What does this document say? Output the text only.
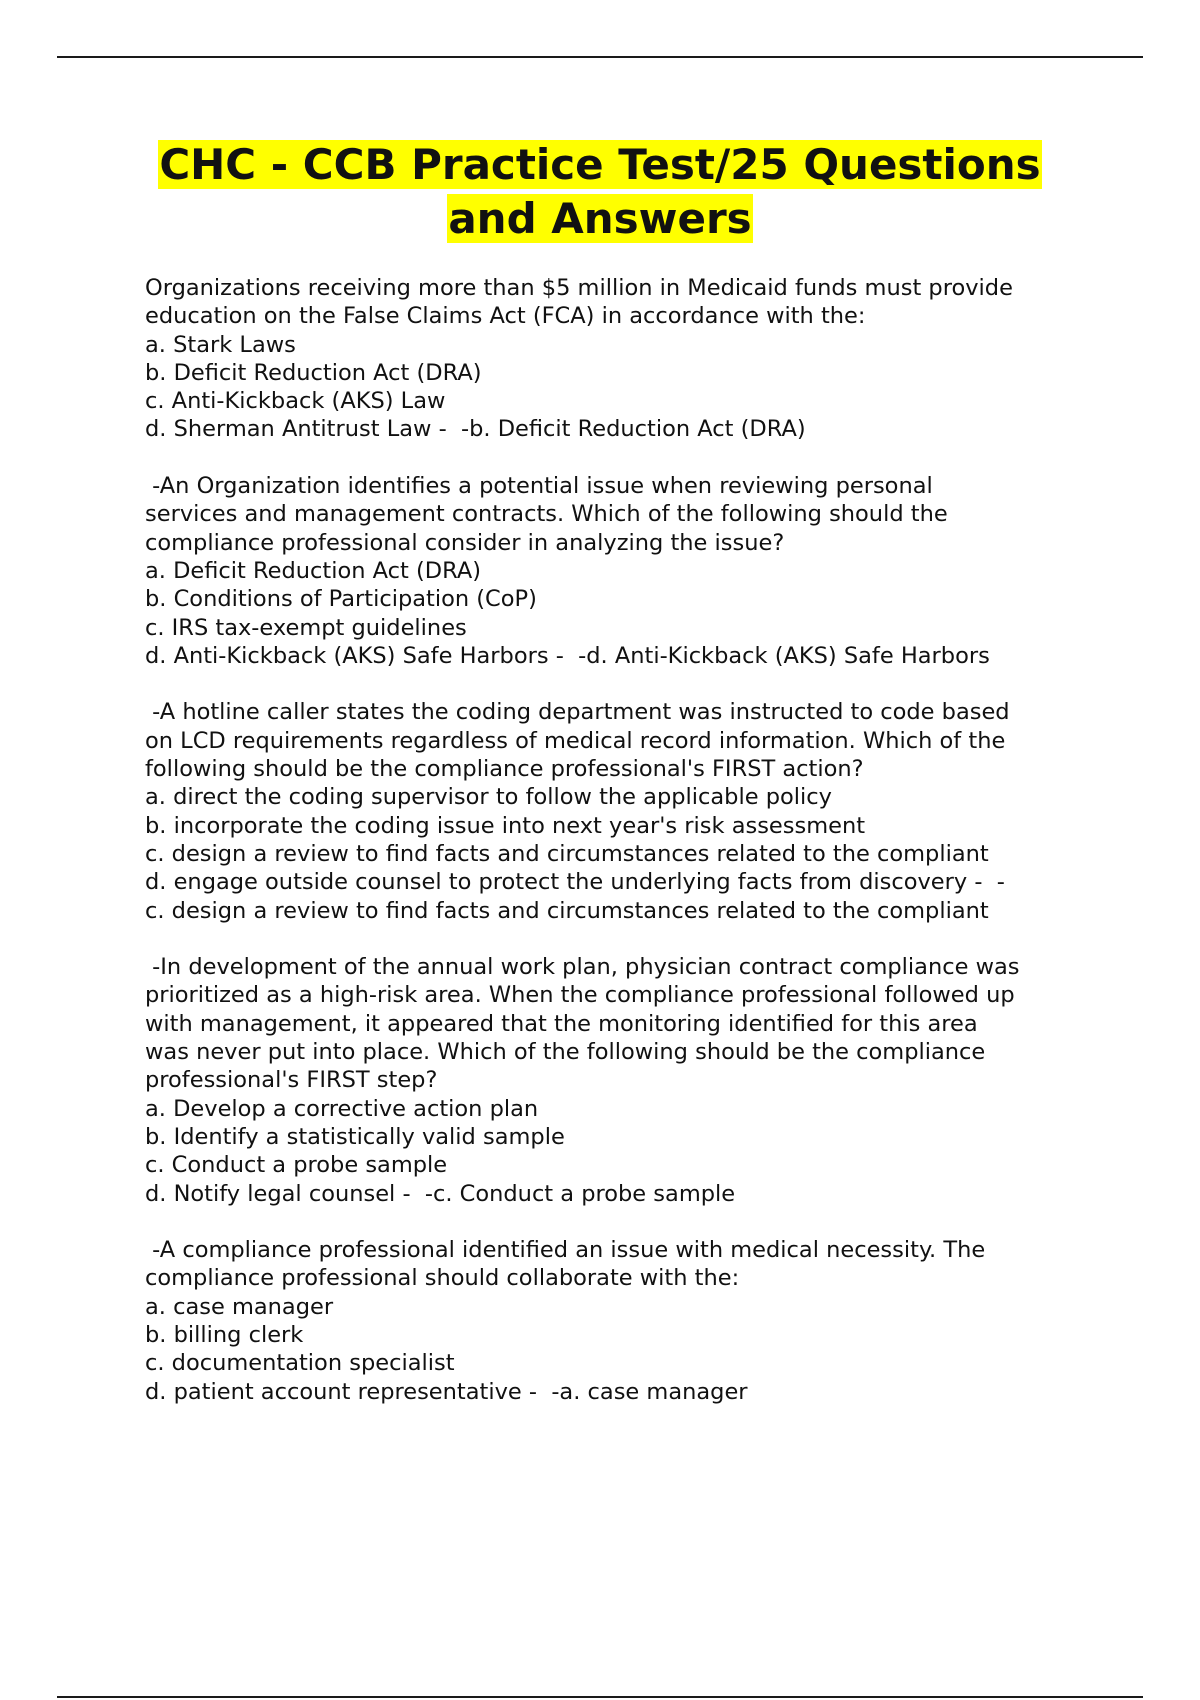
CHC - CCB Practice Test/25 Questions
and Answers
Organizations receiving more than $5 million in Medicaid funds must provide
education on the False Claims Act (FCA) in accordance with the:
a. Stark Laws
b. Deficit Reduction Act (DRA)
c. Anti-Kickback (AKS) Law
d. Sherman Antitrust Law -  -b. Deficit Reduction Act (DRA)
-An Organization identifies a potential issue when reviewing personal
services and management contracts. Which of the following should the
compliance professional consider in analyzing the issue?
a. Deficit Reduction Act (DRA)
b. Conditions of Participation (CoP)
c. IRS tax-exempt guidelines
d. Anti-Kickback (AKS) Safe Harbors -  -d. Anti-Kickback (AKS) Safe Harbors
-A hotline caller states the coding department was instructed to code based
on LCD requirements regardless of medical record information. Which of the
following should be the compliance professional's FIRST action?
a. direct the coding supervisor to follow the applicable policy
b. incorporate the coding issue into next year's risk assessment
c. design a review to find facts and circumstances related to the compliant
d. engage outside counsel to protect the underlying facts from discovery -  -
c. design a review to find facts and circumstances related to the compliant
-In development of the annual work plan, physician contract compliance was
prioritized as a high-risk area. When the compliance professional followed up
with management, it appeared that the monitoring identified for this area
was never put into place. Which of the following should be the compliance
professional's FIRST step?
a. Develop a corrective action plan
b. Identify a statistically valid sample
c. Conduct a probe sample
d. Notify legal counsel -  -c. Conduct a probe sample
-A compliance professional identified an issue with medical necessity. The
compliance professional should collaborate with the:
a. case manager
b. billing clerk
c. documentation specialist
d. patient account representative -  -a. case manager
